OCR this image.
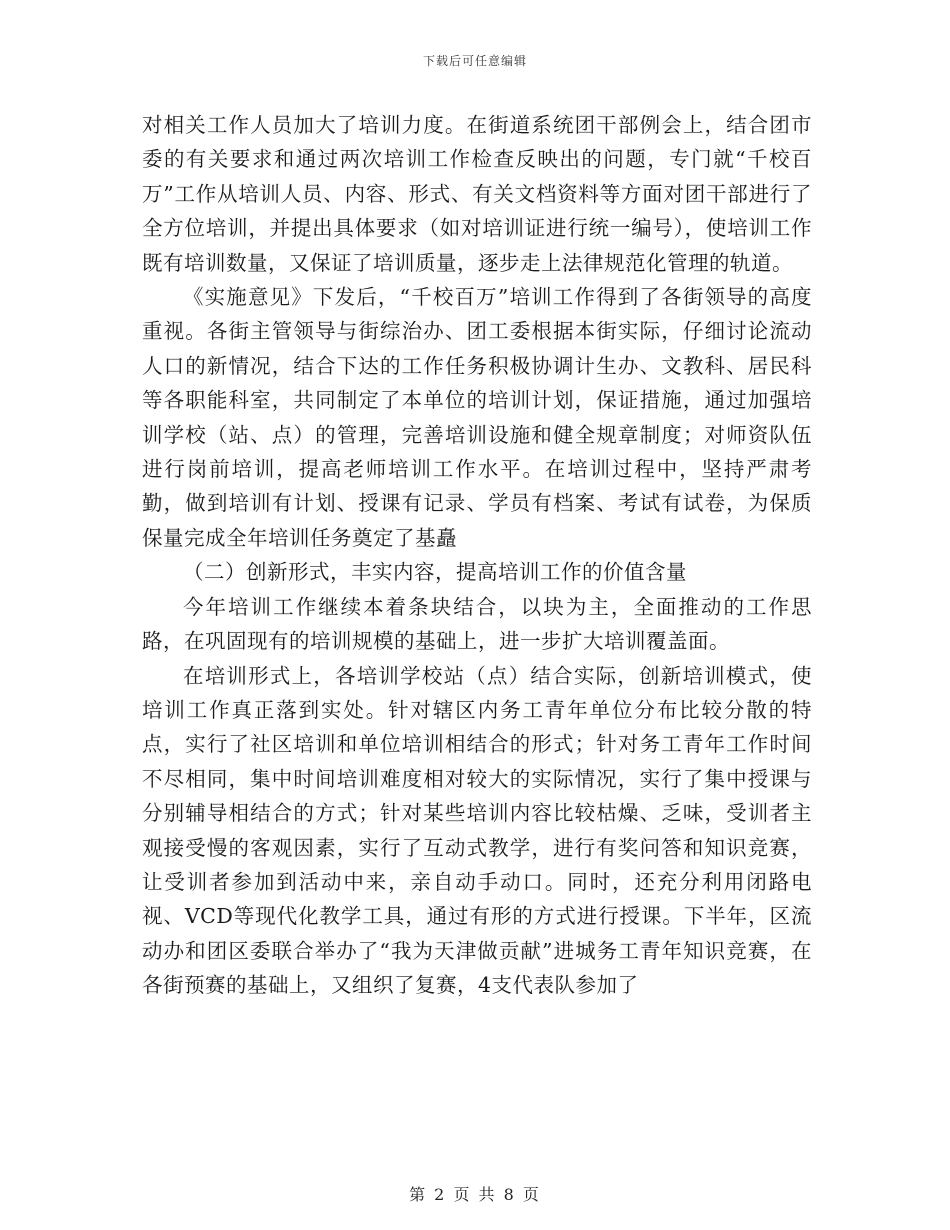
下载后可任意编辑

对相关工作人员加大了培训力度。在街道系统团干部例会上，结合团市委的有关要求和通过两次培训工作检查反映出的问题，专门就“千校百万”工作从培训人员、内容、形式、有关文档资料等方面对团干部进行了全方位培训，并提出具体要求（如对培训证进行统一编号），使培训工作既有培训数量，又保证了培训质量，逐步走上法律规范化管理的轨道。

《实施意见》下发后，“千校百万”培训工作得到了各街领导的高度重视。各街主管领导与街综治办、团工委根据本街实际，仔细讨论流动人口的新情况，结合下达的工作任务积极协调计生办、文教科、居民科等各职能科室，共同制定了本单位的培训计划，保证措施，通过加强培训学校（站、点）的管理，完善培训设施和健全规章制度；对师资队伍进行岗前培训，提高老师培训工作水平。在培训过程中，坚持严肃考勤，做到培训有计划、授课有记录、学员有档案、考试有试卷，为保质保量完成全年培训任务奠定了基矗

（二）创新形式，丰实内容，提高培训工作的价值含量

今年培训工作继续本着条块结合，以块为主，全面推动的工作思路，在巩固现有的培训规模的基础上，进一步扩大培训覆盖面。

在培训形式上，各培训学校站（点）结合实际，创新培训模式，使培训工作真正落到实处。针对辖区内务工青年单位分布比较分散的特点，实行了社区培训和单位培训相结合的形式；针对务工青年工作时间不尽相同，集中时间培训难度相对较大的实际情况，实行了集中授课与分别辅导相结合的方式；针对某些培训内容比较枯燥、乏味，受训者主观接受慢的客观因素，实行了互动式教学，进行有奖问答和知识竞赛，让受训者参加到活动中来，亲自动手动口。同时，还充分利用闭路电视、VCD等现代化教学工具，通过有形的方式进行授课。下半年，区流动办和团区委联合举办了“我为天津做贡献”进城务工青年知识竞赛，在各街预赛的基础上，又组织了复赛，4支代表队参加了

第 2 页 共 8 页
